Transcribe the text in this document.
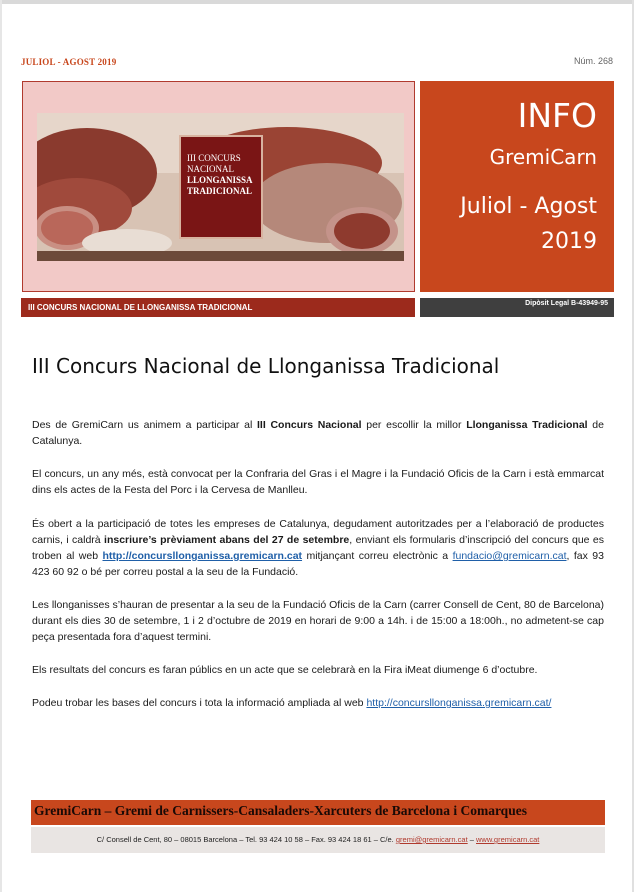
JULIOL - AGOST 2019	Núm. 268
III CONCURS
NACIONAL
LLONGANISSA
TRADICIONAL
INFO
GremiCarn
Juliol - Agost
2019
III CONCURS NACIONAL DE LLONGANISSA TRADICIONAL	Dipòsit Legal B-43949-95
III Concurs Nacional de Llonganissa Tradicional
Des de GremiCarn us animem a participar al III Concurs Nacional per escollir la millor Llonganissa Tradicional de Catalunya.
El concurs, un any més, està convocat per la Confraria del Gras i el Magre i la Fundació Oficis de la Carn i està emmarcat dins els actes de la Festa del Porc i la Cervesa de Manlleu.
És obert a la participació de totes les empreses de Catalunya, degudament autoritzades per a l’elaboració de productes carnis, i caldrà inscriure’s prèviament abans del 27 de setembre, enviant els formularis d’inscripció del concurs que es troben al web http://concursllonganissa.gremicarn.cat mitjançant correu electrònic a fundacio@gremicarn.cat, fax 93 423 60 92 o bé per correu postal a la seu de la Fundació.
Les llonganisses s’hauran de presentar a la seu de la Fundació Oficis de la Carn (carrer Consell de Cent, 80 de Barcelona) durant els dies 30 de setembre, 1 i 2 d’octubre de 2019 en horari de 9:00 a 14h. i de 15:00 a 18:00h., no admetent-se cap peça presentada fora d’aquest termini.
Els resultats del concurs es faran públics en un acte que se celebrarà en la Fira iMeat diumenge 6 d’octubre.
Podeu trobar les bases del concurs i tota la informació ampliada al web http://concursllonganissa.gremicarn.cat/
GremiCarn – Gremi de Carnissers-Cansaladers-Xarcuters de Barcelona i Comarques
C/ Consell de Cent, 80 – 08015 Barcelona – Tel. 93 424 10 58 – Fax. 93 424 18 61 – C/e. gremi@gremicarn.cat – www.gremicarn.cat
